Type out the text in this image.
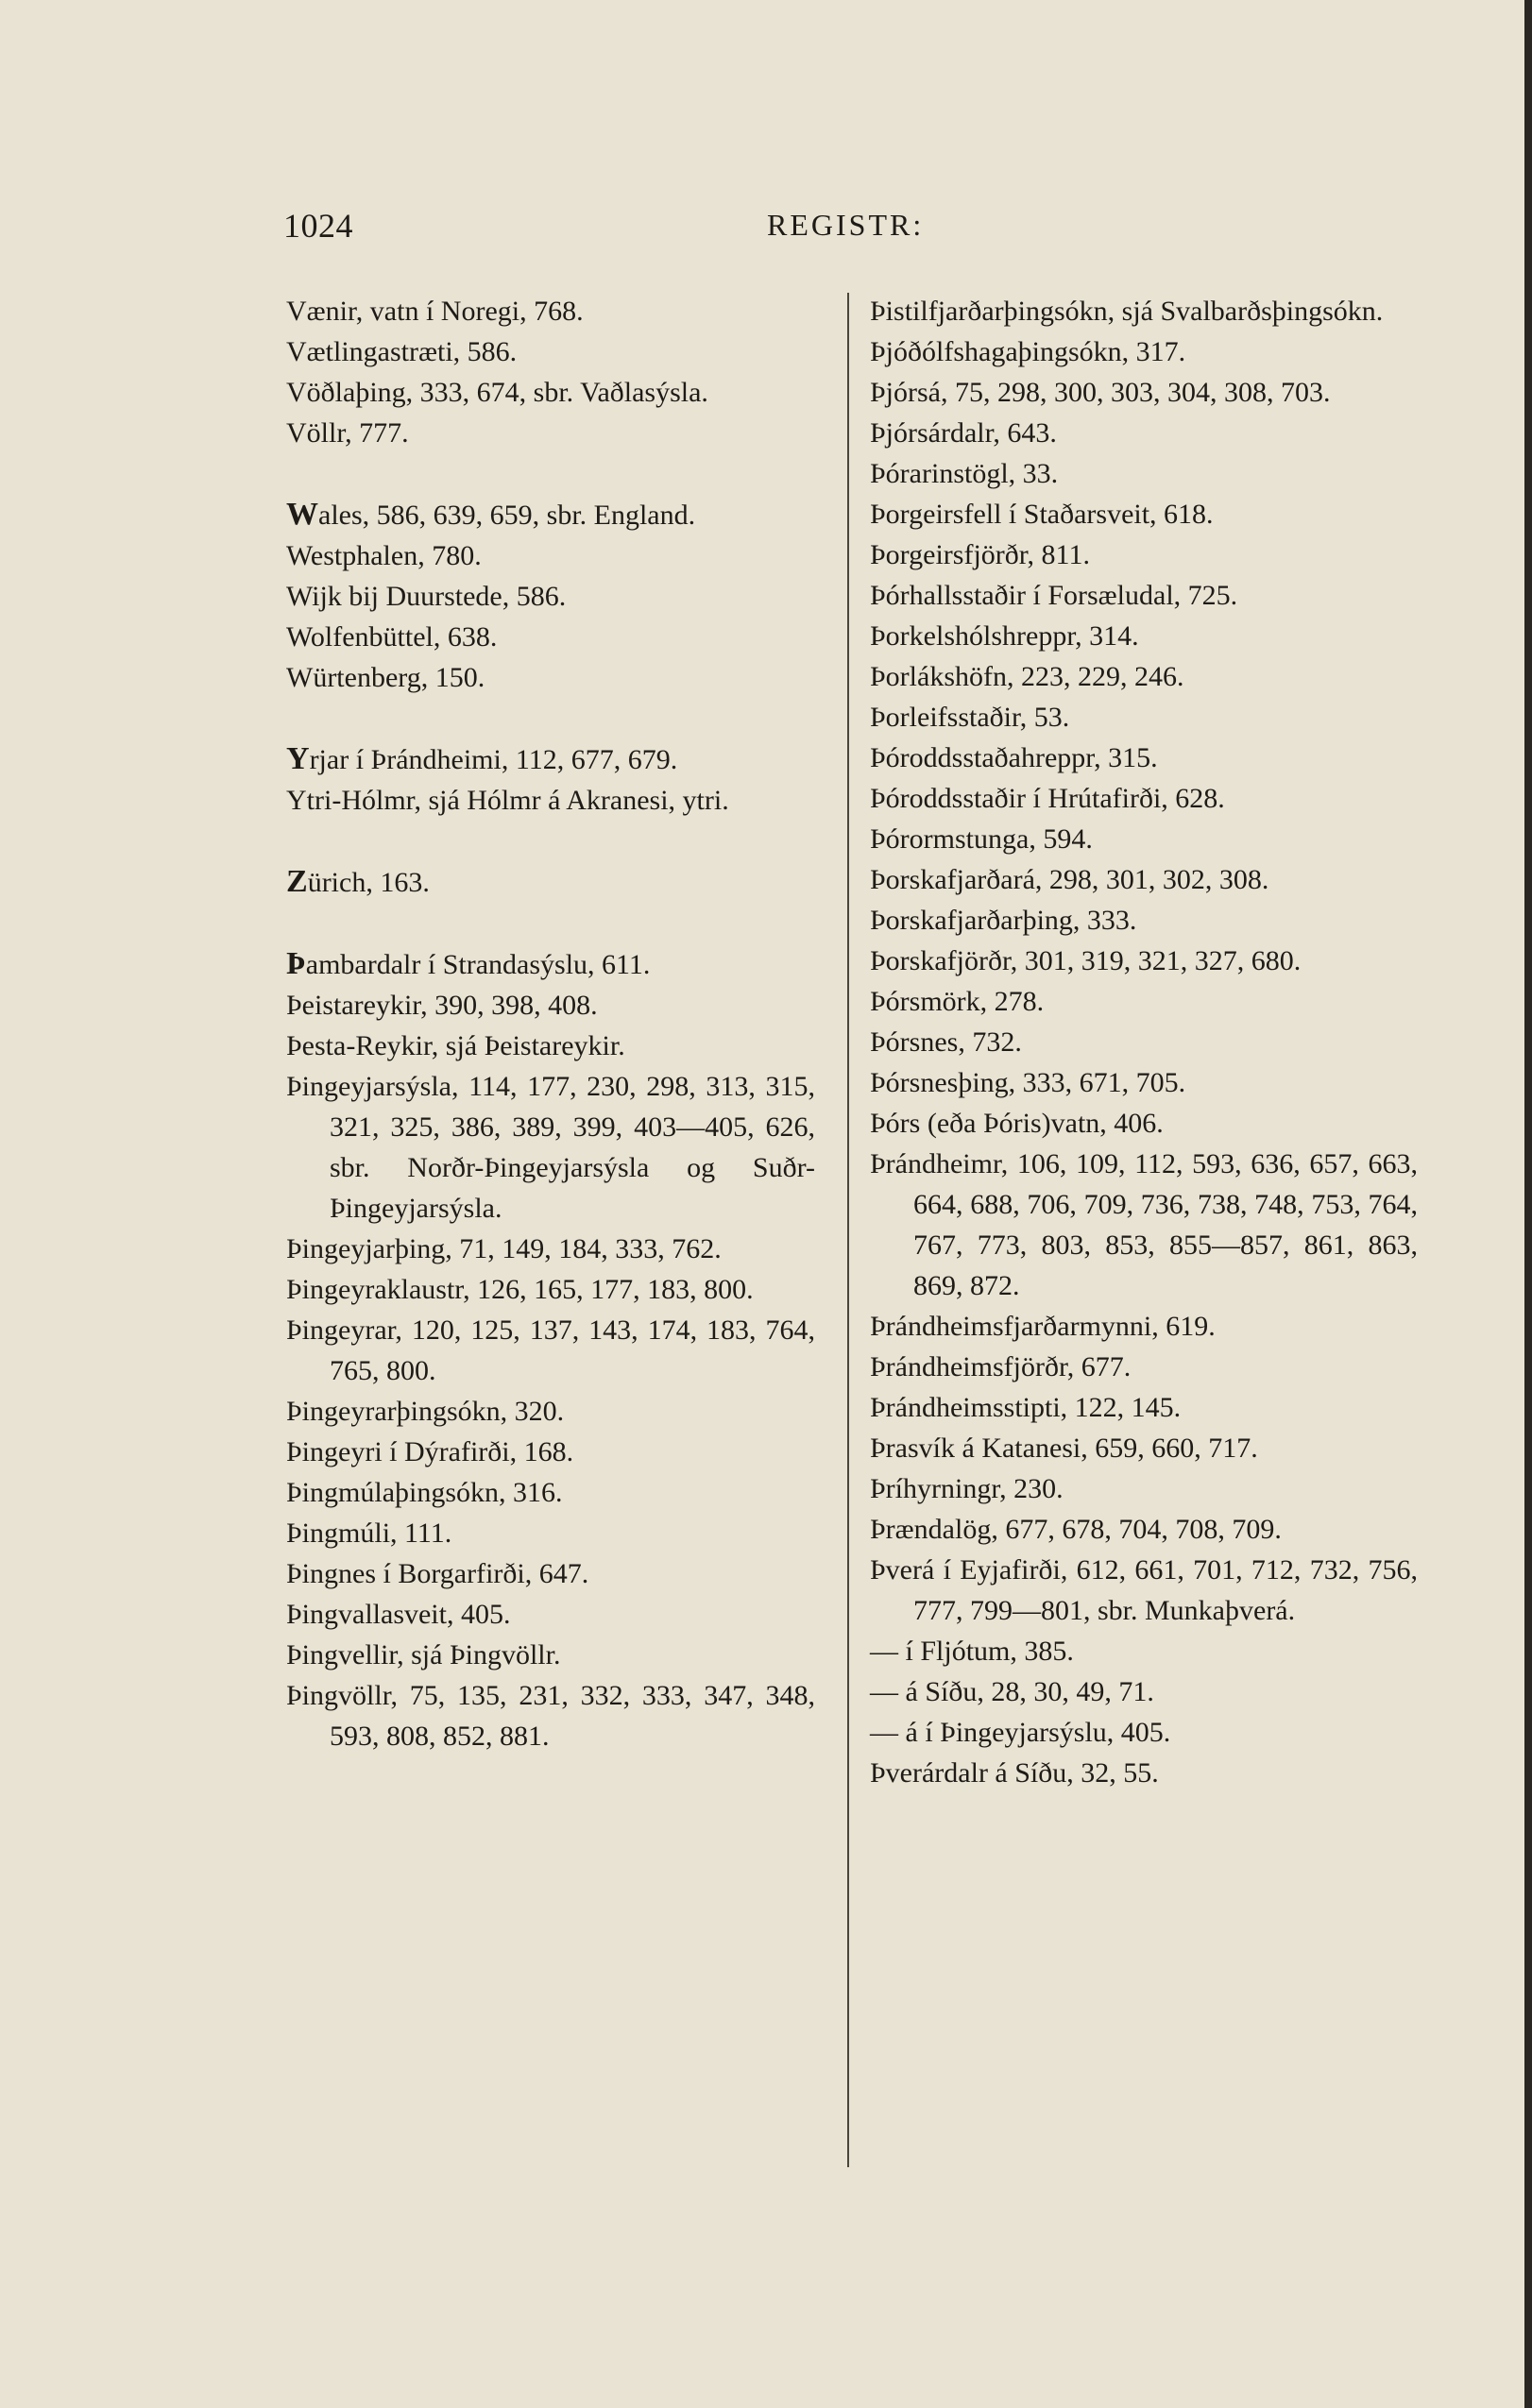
1024	REGISTR:

Vænir, vatn í Noregi, 768.

Vætlingastræti, 586.

Vöðlaþing, 333, 674, sbr. Vaðlasýsla.

Völlr, 777.

Wales, 586, 639, 659, sbr. England.

Westphalen, 780.

Wijk bij Duurstede, 586.

Wolfenbüttel, 638.

Würtenberg, 150.

Yrjar í Þrándheimi, 112, 677, 679.

Ytri-Hólmr, sjá Hólmr á Akranesi, ytri.

Zürich, 163.

Þambardalr í Strandasýslu, 611.

Þeistareykir, 390, 398, 408.

Þesta-Reykir, sjá Þeistareykir.

Þingeyjarsýsla, 114, 177, 230, 298, 313, 315, 321, 325, 386, 389, 399, 403—405, 626, sbr. Norðr-Þingeyjarsýsla og Suðr-Þingeyjarsýsla.

Þingeyjarþing, 71, 149, 184, 333, 762.

Þingeyraklaustr, 126, 165, 177, 183, 800.

Þingeyrar, 120, 125, 137, 143, 174, 183, 764, 765, 800.

Þingeyrarþingsókn, 320.

Þingeyri í Dýrafirði, 168.

Þingmúlaþingsókn, 316.

Þingmúli, 111.

Þingnes í Borgarfirði, 647.

Þingvallasveit, 405.

Þingvellir, sjá Þingvöllr.

Þingvöllr, 75, 135, 231, 332, 333, 347, 348, 593, 808, 852, 881.

Þistilfjarðarþingsókn, sjá Svalbarðsþingsókn.

Þjóðólfshagaþingsókn, 317.

Þjórsá, 75, 298, 300, 303, 304, 308, 703.

Þjórsárdalr, 643.

Þórarinstögl, 33.

Þorgeirsfell í Staðarsveit, 618.

Þorgeirsfjörðr, 811.

Þórhallsstaðir í Forsæludal, 725.

Þorkelshólshreppr, 314.

Þorlákshöfn, 223, 229, 246.

Þorleifsstaðir, 53.

Þóroddsstaðahreppr, 315.

Þóroddsstaðir í Hrútafirði, 628.

Þórormstunga, 594.

Þorskafjarðará, 298, 301, 302, 308.

Þorskafjarðarþing, 333.

Þorskafjörðr, 301, 319, 321, 327, 680.

Þórsmörk, 278.

Þórsnes, 732.

Þórsnesþing, 333, 671, 705.

Þórs (eða Þóris)vatn, 406.

Þrándheimr, 106, 109, 112, 593, 636, 657, 663, 664, 688, 706, 709, 736, 738, 748, 753, 764, 767, 773, 803, 853, 855—857, 861, 863, 869, 872.

Þrándheimsfjarðarmynni, 619.

Þrándheimsfjörðr, 677.

Þrándheimsstipti, 122, 145.

Þrasvík á Katanesi, 659, 660, 717.

Þríhyrningr, 230.

Þrændalög, 677, 678, 704, 708, 709.

Þverá í Eyjafirði, 612, 661, 701, 712, 732, 756, 777, 799—801, sbr. Munkaþverá.

— í Fljótum, 385.

— á Síðu, 28, 30, 49, 71.

— á í Þingeyjarsýslu, 405.

Þverárdalr á Síðu, 32, 55.
